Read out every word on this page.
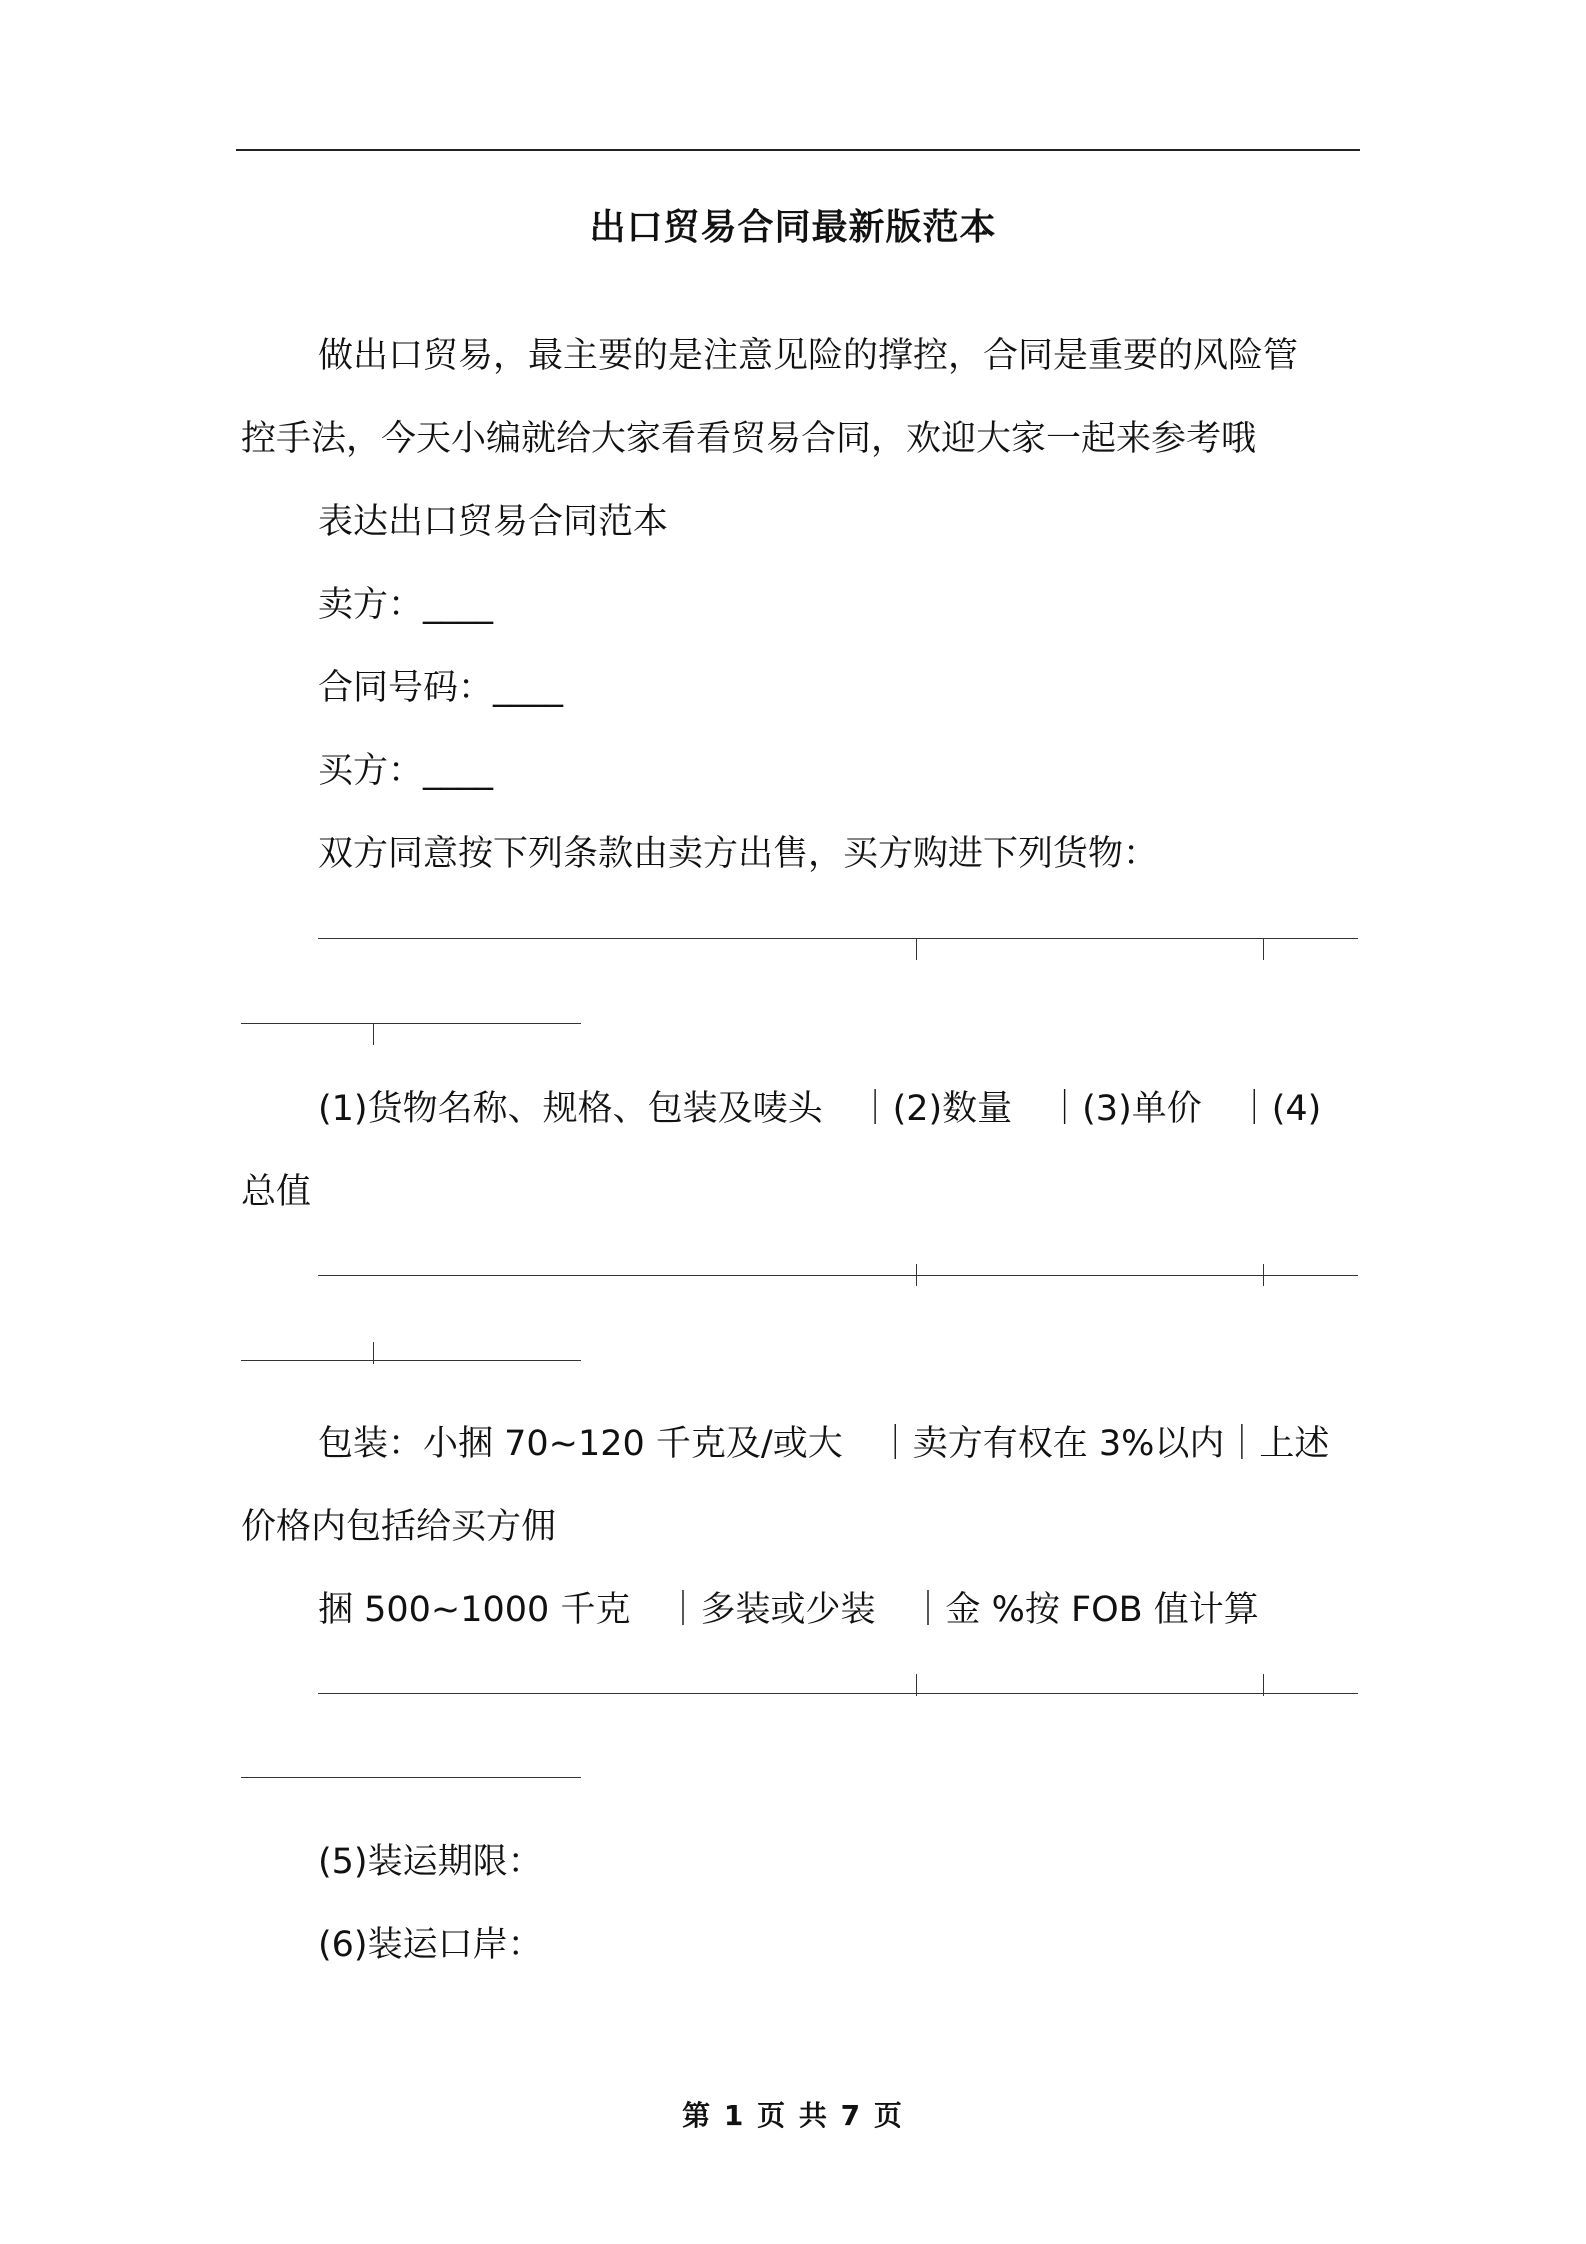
出口贸易合同最新版范本
做出口贸易，最主要的是注意见险的撑控，合同是重要的风险管
控手法，今天小编就给大家看看贸易合同，欢迎大家一起来参考哦
表达出口贸易合同范本
卖方：____
合同号码：____
买方：____
双方同意按下列条款由卖方出售，买方购进下列货物：
(1)货物名称、规格、包装及唛头　｜(2)数量　｜(3)单价　｜(4)
总值
包装：小捆 70~120 千克及/或大　｜卖方有权在 3%以内｜上述
价格内包括给买方佣
捆 500~1000 千克　｜多装或少装　｜金 %按 FOB 值计算
(5)装运期限：
(6)装运口岸：
第 1 页 共 7 页
